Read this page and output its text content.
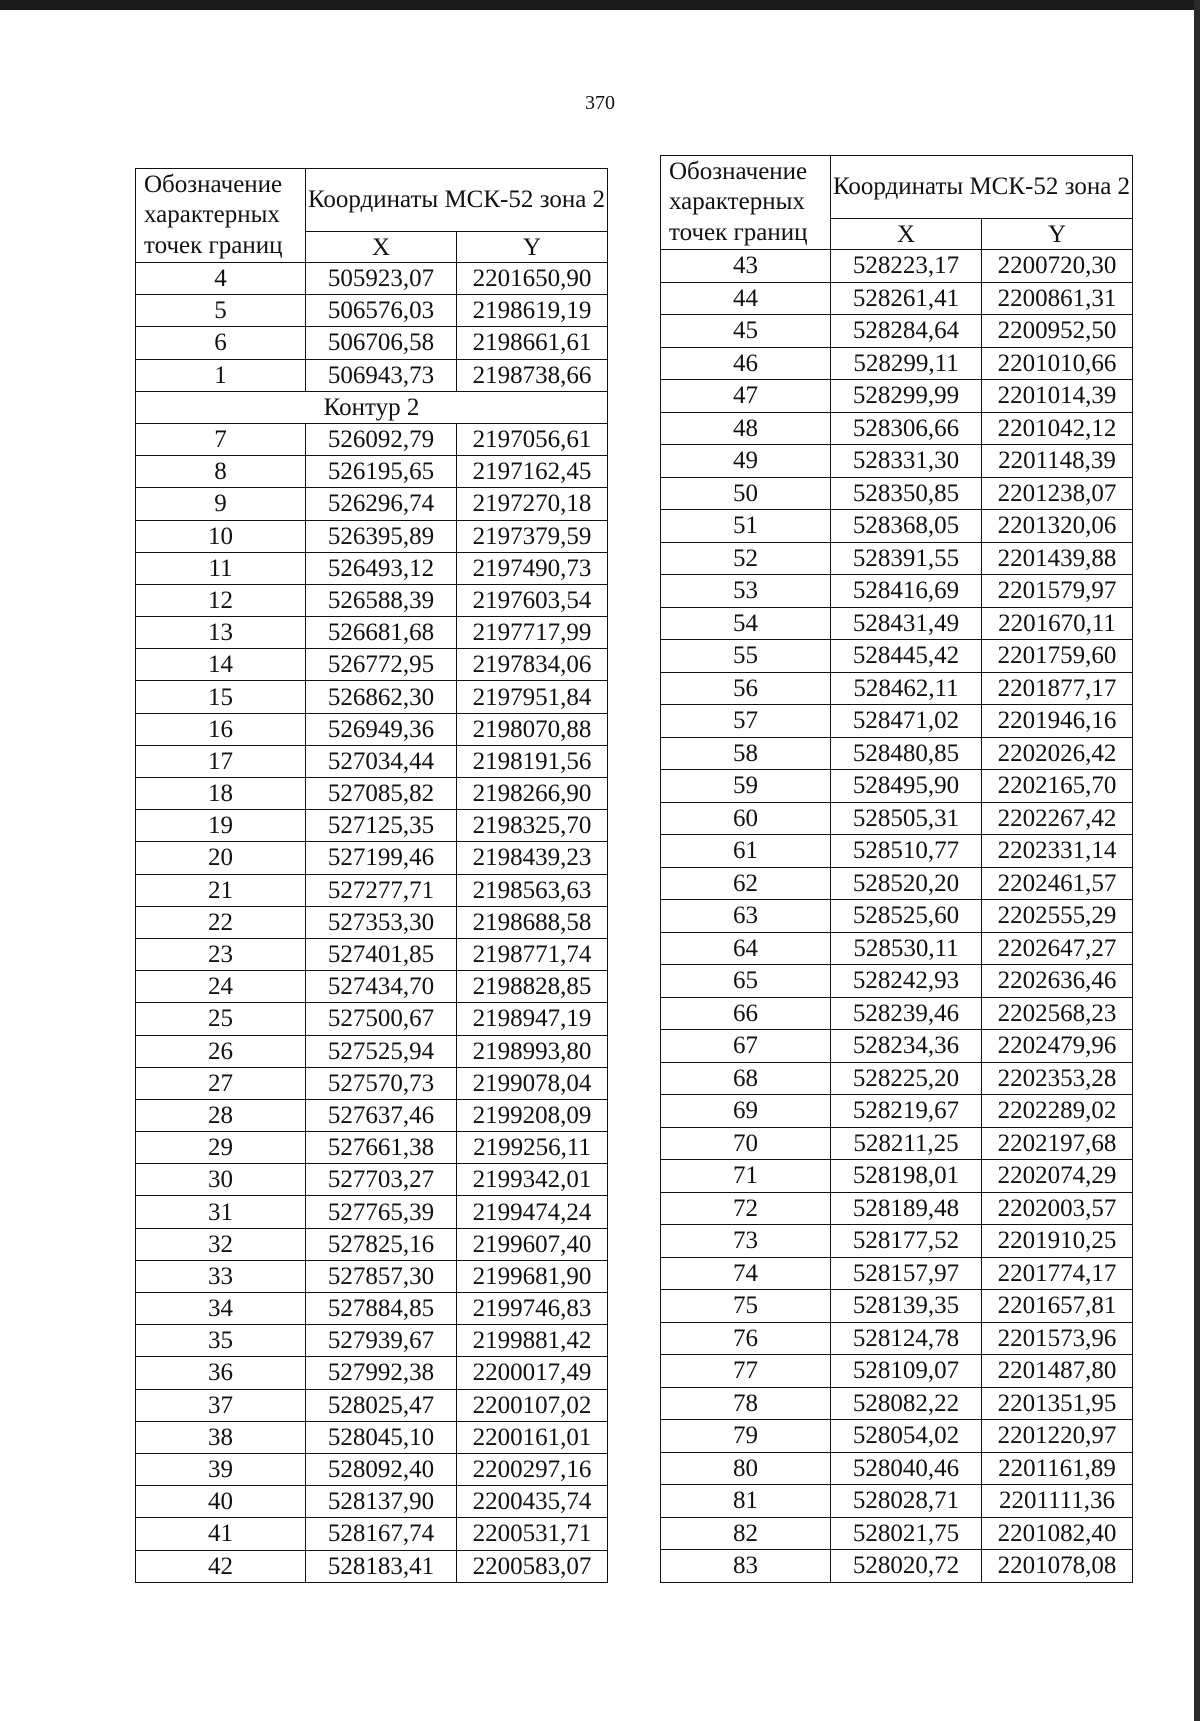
370
Обозначение характерных точек границ	Координаты МСК-52 зона 2	
	X	Y
4	505923,07	2201650,90
5	506576,03	2198619,19
6	506706,58	2198661,61
1	506943,73	2198738,66
Контур 2		
7	526092,79	2197056,61
8	526195,65	2197162,45
9	526296,74	2197270,18
10	526395,89	2197379,59
11	526493,12	2197490,73
12	526588,39	2197603,54
13	526681,68	2197717,99
14	526772,95	2197834,06
15	526862,30	2197951,84
16	526949,36	2198070,88
17	527034,44	2198191,56
18	527085,82	2198266,90
19	527125,35	2198325,70
20	527199,46	2198439,23
21	527277,71	2198563,63
22	527353,30	2198688,58
23	527401,85	2198771,74
24	527434,70	2198828,85
25	527500,67	2198947,19
26	527525,94	2198993,80
27	527570,73	2199078,04
28	527637,46	2199208,09
29	527661,38	2199256,11
30	527703,27	2199342,01
31	527765,39	2199474,24
32	527825,16	2199607,40
33	527857,30	2199681,90
34	527884,85	2199746,83
35	527939,67	2199881,42
36	527992,38	2200017,49
37	528025,47	2200107,02
38	528045,10	2200161,01
39	528092,40	2200297,16
40	528137,90	2200435,74
41	528167,74	2200531,71
42	528183,41	2200583,07
Обозначение характерных точек границ	Координаты МСК-52 зона 2	
	X	Y
43	528223,17	2200720,30
44	528261,41	2200861,31
45	528284,64	2200952,50
46	528299,11	2201010,66
47	528299,99	2201014,39
48	528306,66	2201042,12
49	528331,30	2201148,39
50	528350,85	2201238,07
51	528368,05	2201320,06
52	528391,55	2201439,88
53	528416,69	2201579,97
54	528431,49	2201670,11
55	528445,42	2201759,60
56	528462,11	2201877,17
57	528471,02	2201946,16
58	528480,85	2202026,42
59	528495,90	2202165,70
60	528505,31	2202267,42
61	528510,77	2202331,14
62	528520,20	2202461,57
63	528525,60	2202555,29
64	528530,11	2202647,27
65	528242,93	2202636,46
66	528239,46	2202568,23
67	528234,36	2202479,96
68	528225,20	2202353,28
69	528219,67	2202289,02
70	528211,25	2202197,68
71	528198,01	2202074,29
72	528189,48	2202003,57
73	528177,52	2201910,25
74	528157,97	2201774,17
75	528139,35	2201657,81
76	528124,78	2201573,96
77	528109,07	2201487,80
78	528082,22	2201351,95
79	528054,02	2201220,97
80	528040,46	2201161,89
81	528028,71	2201111,36
82	528021,75	2201082,40
83	528020,72	2201078,08
